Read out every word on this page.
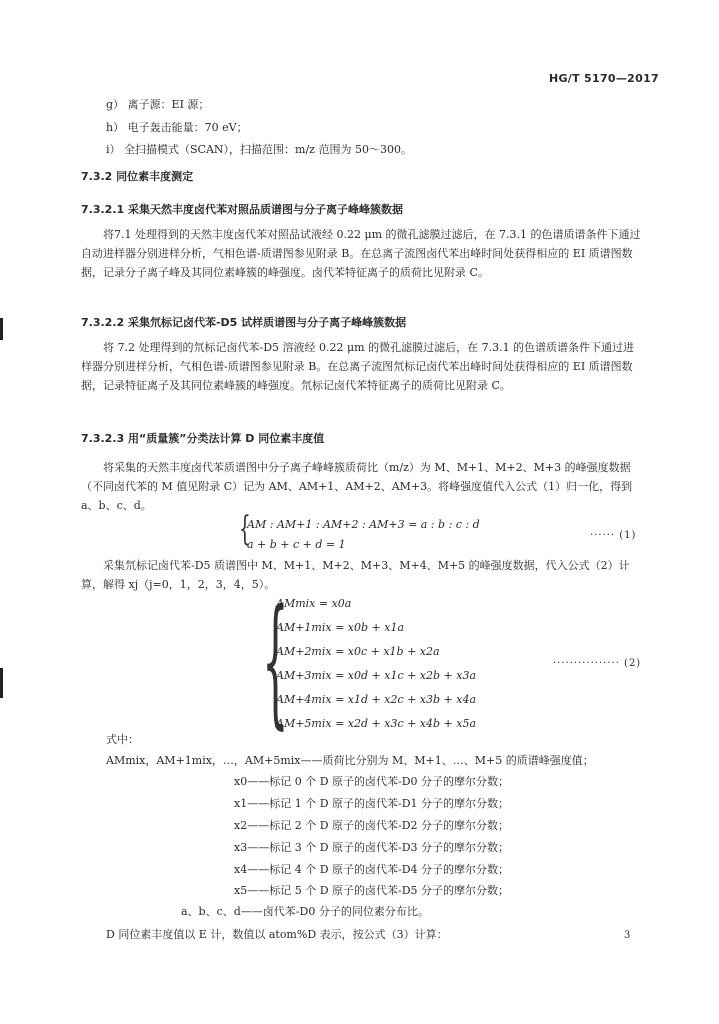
HG/T 5170—2017
g） 离子源：EI 源；
h） 电子轰击能量：70 eV；
i） 全扫描模式（SCAN），扫描范围：m/z 范围为 50～300。
7.3.2 同位素丰度测定
7.3.2.1 采集天然丰度卤代苯对照品质谱图与分子离子峰峰簇数据
将7.1 处理得到的天然丰度卤代苯对照品试液经 0.22 μm 的微孔滤膜过滤后，在 7.3.1 的色谱质谱条件下通过自动进样器分别进样分析，气相色谱-质谱图参见附录 B。在总离子流图卤代苯出峰时间处获得相应的 EI 质谱图数据，记录分子离子峰及其同位素峰簇的峰强度。卤代苯特征离子的质荷比见附录 C。
7.3.2.2 采集氘标记卤代苯-D5 试样质谱图与分子离子峰峰簇数据
将 7.2 处理得到的氘标记卤代苯-D5 溶液经 0.22 μm 的微孔滤膜过滤后，在 7.3.1 的色谱质谱条件下通过进样器分别进样分析，气相色谱-质谱图参见附录 B。在总离子流图氘标记卤代苯出峰时间处获得相应的 EI 质谱图数据，记录特征离子及其同位素峰簇的峰强度。氘标记卤代苯特征离子的质荷比见附录 C。
7.3.2.3 用“质量簇”分类法计算 D 同位素丰度值
将采集的天然丰度卤代苯质谱图中分子离子峰峰簇质荷比（m/z）为 M、M+1、M+2、M+3 的峰强度数据（不同卤代苯的 M 值见附录 C）记为 AM、AM+1、AM+2、AM+3。将峰强度值代入公式（1）归一化，得到 a、b、c、d。
{
AM : AM+1 : AM+2 : AM+3 = a : b : c : d
a + b + c + d = 1
······ (1)
采集氘标记卤代苯-D5 质谱图中 M、M+1、M+2、M+3、M+4、M+5 的峰强度数据，代入公式（2）计算，解得 xj（j=0，1，2，3，4，5）。
{
AMmix = x0a
AM+1mix = x0b + x1a
AM+2mix = x0c + x1b + x2a
AM+3mix = x0d + x1c + x2b + x3a
AM+4mix = x1d + x2c + x3b + x4a
AM+5mix = x2d + x3c + x4b + x5a
················ (2)
式中：
AMmix，AM+1mix，…，AM+5mix——质荷比分别为 M、M+1、…、M+5 的质谱峰强度值；
x0——标记 0 个 D 原子的卤代苯-D0 分子的摩尔分数；
x1——标记 1 个 D 原子的卤代苯-D1 分子的摩尔分数；
x2——标记 2 个 D 原子的卤代苯-D2 分子的摩尔分数；
x3——标记 3 个 D 原子的卤代苯-D3 分子的摩尔分数；
x4——标记 4 个 D 原子的卤代苯-D4 分子的摩尔分数；
x5——标记 5 个 D 原子的卤代苯-D5 分子的摩尔分数；
a、b、c、d——卤代苯-D0 分子的同位素分布比。
D 同位素丰度值以 E 计，数值以 atom%D 表示，按公式（3）计算：	3
